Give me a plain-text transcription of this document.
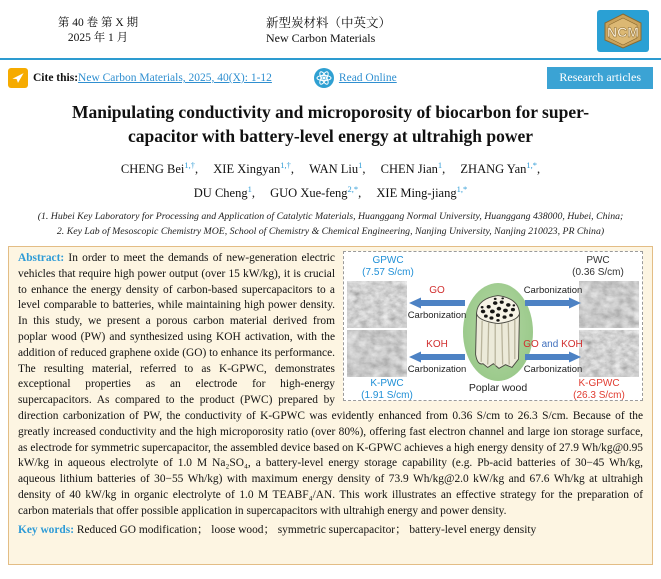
第 40 卷 第 X 期
2025 年 1 月
新型炭材料（中英文）
New Carbon Materials	NCM
Cite this: New Carbon Materials, 2025, 40(X): 1-12	Read Online	Research articles
Manipulating conductivity and microporosity of biocarbon for super-
capacitor with battery-level energy at ultrahigh power
CHENG Bei$^{1,\dagger}$, XIE Xingyan$^{1,\dagger}$, WAN Liu$^1$, CHEN Jian$^1$, ZHANG Yan$^{1,*}$,
DU Cheng$^1$, GUO Xue-feng$^{2,*}$, XIE Ming-jiang$^{1,*}$
(1. Hubei Key Laboratory for Processing and Application of Catalytic Materials, Huanggang Normal University, Huanggang 438000, Hubei, China;
2. Key Lab of Mesoscopic Chemistry MOE, School of Chemistry & Chemical Engineering, Nanjing University, Nanjing 210023, PR China)
GPWC
(7.57 S/cm)
PWC
(0.36 S/cm)
K-PWC
(1.91 S/cm)
K-GPWC
(26.3 S/cm)
Poplar wood
GO
Carbonization
Carbonization
KOH
Carbonization
GO and KOH
Carbonization
Abstract: In order to meet the demands of new-generation electric vehicles that require high power output (over 15 kW/kg), it is crucial to enhance the energy density of carbon-based supercapacitors to a level comparable to batteries, while maintaining high power density. In this study, we present a porous carbon material derived from poplar wood (PW) and synthesized using KOH activation, with the addition of reduced graphene oxide (GO) to enhance its performance. The resulting material, referred to as K-GPWC, demonstrates exceptional properties as an electrode for high-energy supercapacitors. As compared to the product (PWC) prepared by direction carbonization of PW, the conductivity of K-GPWC was evidently enhanced from 0.36 S/cm to 26.3 S/cm. Because of the greatly increased conductivity and the high microporosity ratio (over 80%), offering fast electron channel and large ion storage surface, as electrode for symmetric supercapacitor, the assembled device based on K-GPWC achieves a high energy density of 27.9 Wh/kg@0.95 kW/kg in aqueous electrolyte of 1.0 M Na₂SO₄, a battery-level energy storage capability (e.g. Pb-acid batteries of 30−45 Wh/kg, aqueous lithium batteries of 30−55 Wh/kg) with maximum energy density of 73.9 Wh/kg@2.0 kW/kg and 67.6 Wh/kg at ultrahigh density of 40 kW/kg in organic electrolyte of 1.0 M TEABF₄/AN. This work illustrates an effective strategy for the preparation of carbon materials that offer possible application in supercapacitors with ultrahigh energy and power density.
Key words: Reduced GO modification； loose wood； symmetric supercapacitor； battery-level energy density
